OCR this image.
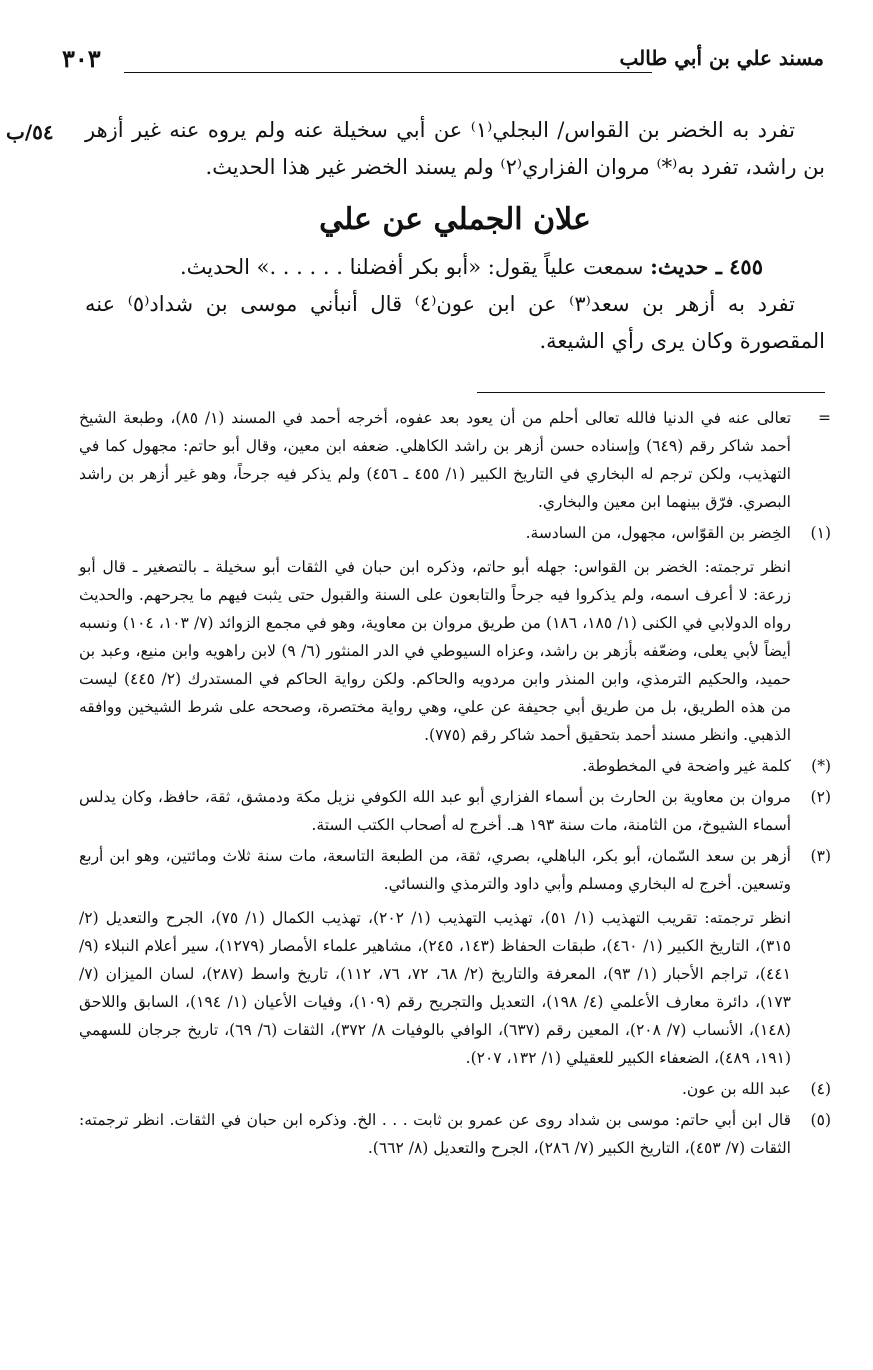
مسند علي بن أبي طالب
٣٠٣
٥٤/ب تفرد به الخضر بن القواس/ البجلي⁽١⁾ عن أبي سخيلة عنه ولم يروه عنه غير أزهر بن راشد، تفرد به⁽*⁾ مروان الفزاري⁽٢⁾ ولم يسند الخضر غير هذا الحديث.

علان الجملي عن علي

٤٥٥ ـ حديث: سمعت علياً يقول: «أبو بكر أفضلنا . . . . . .» الحديث.

تفرد به أزهر بن سعد⁽٣⁾ عن ابن عون⁽٤⁾ قال أنبأني موسى بن شداد⁽٥⁾ عنه المقصورة وكان يرى رأي الشيعة.

=

تعالى عنه في الدنيا فالله تعالى أحلم من أن يعود بعد عفوه، أخرجه أحمد في المسند (١/ ٨٥)، وطبعة الشيخ أحمد شاكر رقم (٦٤٩) وإسناده حسن أزهر بن راشد الكاهلي. ضعفه ابن معين، وقال أبو حاتم: مجهول كما في التهذيب، ولكن ترجم له البخاري في التاريخ الكبير (١/ ٤٥٥ ـ ٤٥٦) ولم يذكر فيه جرحاً، وهو غير أزهر بن راشد البصري. فرّق بينهما ابن معين والبخاري.

(١)

الخِضر بن القوّاس، مجهول، من السادسة.

انظر ترجمته: الخضر بن القواس: جهله أبو حاتم، وذكره ابن حبان في الثقات أبو سخيلة ـ بالتصغير ـ قال أبو زرعة: لا أعرف اسمه، ولم يذكروا فيه جرحاً والتابعون على السنة والقبول حتى يثبت فيهم ما يجرحهم. والحديث رواه الدولابي في الكنى (١/ ١٨٥، ١٨٦) من طريق مروان بن معاوية، وهو في مجمع الزوائد (٧/ ١٠٣، ١٠٤) ونسبه أيضاً لأبي يعلى، وضعّفه بأزهر بن راشد، وعزاه السيوطي في الدر المنثور (٦/ ٩) لابن راهويه وابن منيع، وعبد بن حميد، والحكيم الترمذي، وابن المنذر وابن مردويه والحاكم. ولكن رواية الحاكم في المستدرك (٢/ ٤٤٥) ليست من هذه الطريق، بل من طريق أبي جحيفة عن علي، وهي رواية مختصرة، وصححه على شرط الشيخين ووافقه الذهبي. وانظر مسند أحمد بتحقيق أحمد شاكر رقم (٧٧٥).

(*)

كلمة غير واضحة في المخطوطة.

(٢)

مروان بن معاوية بن الحارث بن أسماء الفزاري أبو عبد الله الكوفي نزيل مكة ودمشق، ثقة، حافظ، وكان يدلس أسماء الشيوخ، من الثامنة، مات سنة ١٩٣ هـ. أخرج له أصحاب الكتب الستة.

(٣)

أزهر بن سعد السّمان، أبو بكر، الباهلي، بصري، ثقة، من الطبعة التاسعة، مات سنة ثلاث ومائتين، وهو ابن أربع وتسعين. أخرج له البخاري ومسلم وأبي داود والترمذي والنسائي.

انظر ترجمته: تقريب التهذيب (١/ ٥١)، تهذيب التهذيب (١/ ٢٠٢)، تهذيب الكمال (١/ ٧٥)، الجرح والتعديل (٢/ ٣١٥)، التاريخ الكبير (١/ ٤٦٠)، طبقات الحفاظ (١٤٣، ٢٤٥)، مشاهير علماء الأمصار (١٢٧٩)، سير أعلام النبلاء (٩/ ٤٤١)، تراجم الأحبار (١/ ٩٣)، المعرفة والتاريخ (٢/ ٦٨، ٧٢، ٧٦، ١١٢)، تاريخ واسط (٢٨٧)، لسان الميزان (٧/ ١٧٣)، دائرة معارف الأعلمي (٤/ ١٩٨)، التعديل والتجريح رقم (١٠٩)، وفيات الأعيان (١/ ١٩٤)، السابق واللاحق (١٤٨)، الأنساب (٧/ ٢٠٨)، المعين رقم (٦٣٧)، الوافي بالوفيات ٨/ ٣٧٢)، الثقات (٦/ ٦٩)، تاريخ جرجان للسهمي (١٩١، ٤٨٩)، الضعفاء الكبير للعقيلي (١/ ١٣٢، ٢٠٧).

(٤)

عبد الله بن عون.

(٥)

قال ابن أبي حاتم: موسى بن شداد روى عن عمرو بن ثابت . . . الخ. وذكره ابن حبان في الثقات. انظر ترجمته: الثقات (٧/ ٤٥٣)، التاريخ الكبير (٧/ ٢٨٦)، الجرح والتعديل (٨/ ٦٦٢).
